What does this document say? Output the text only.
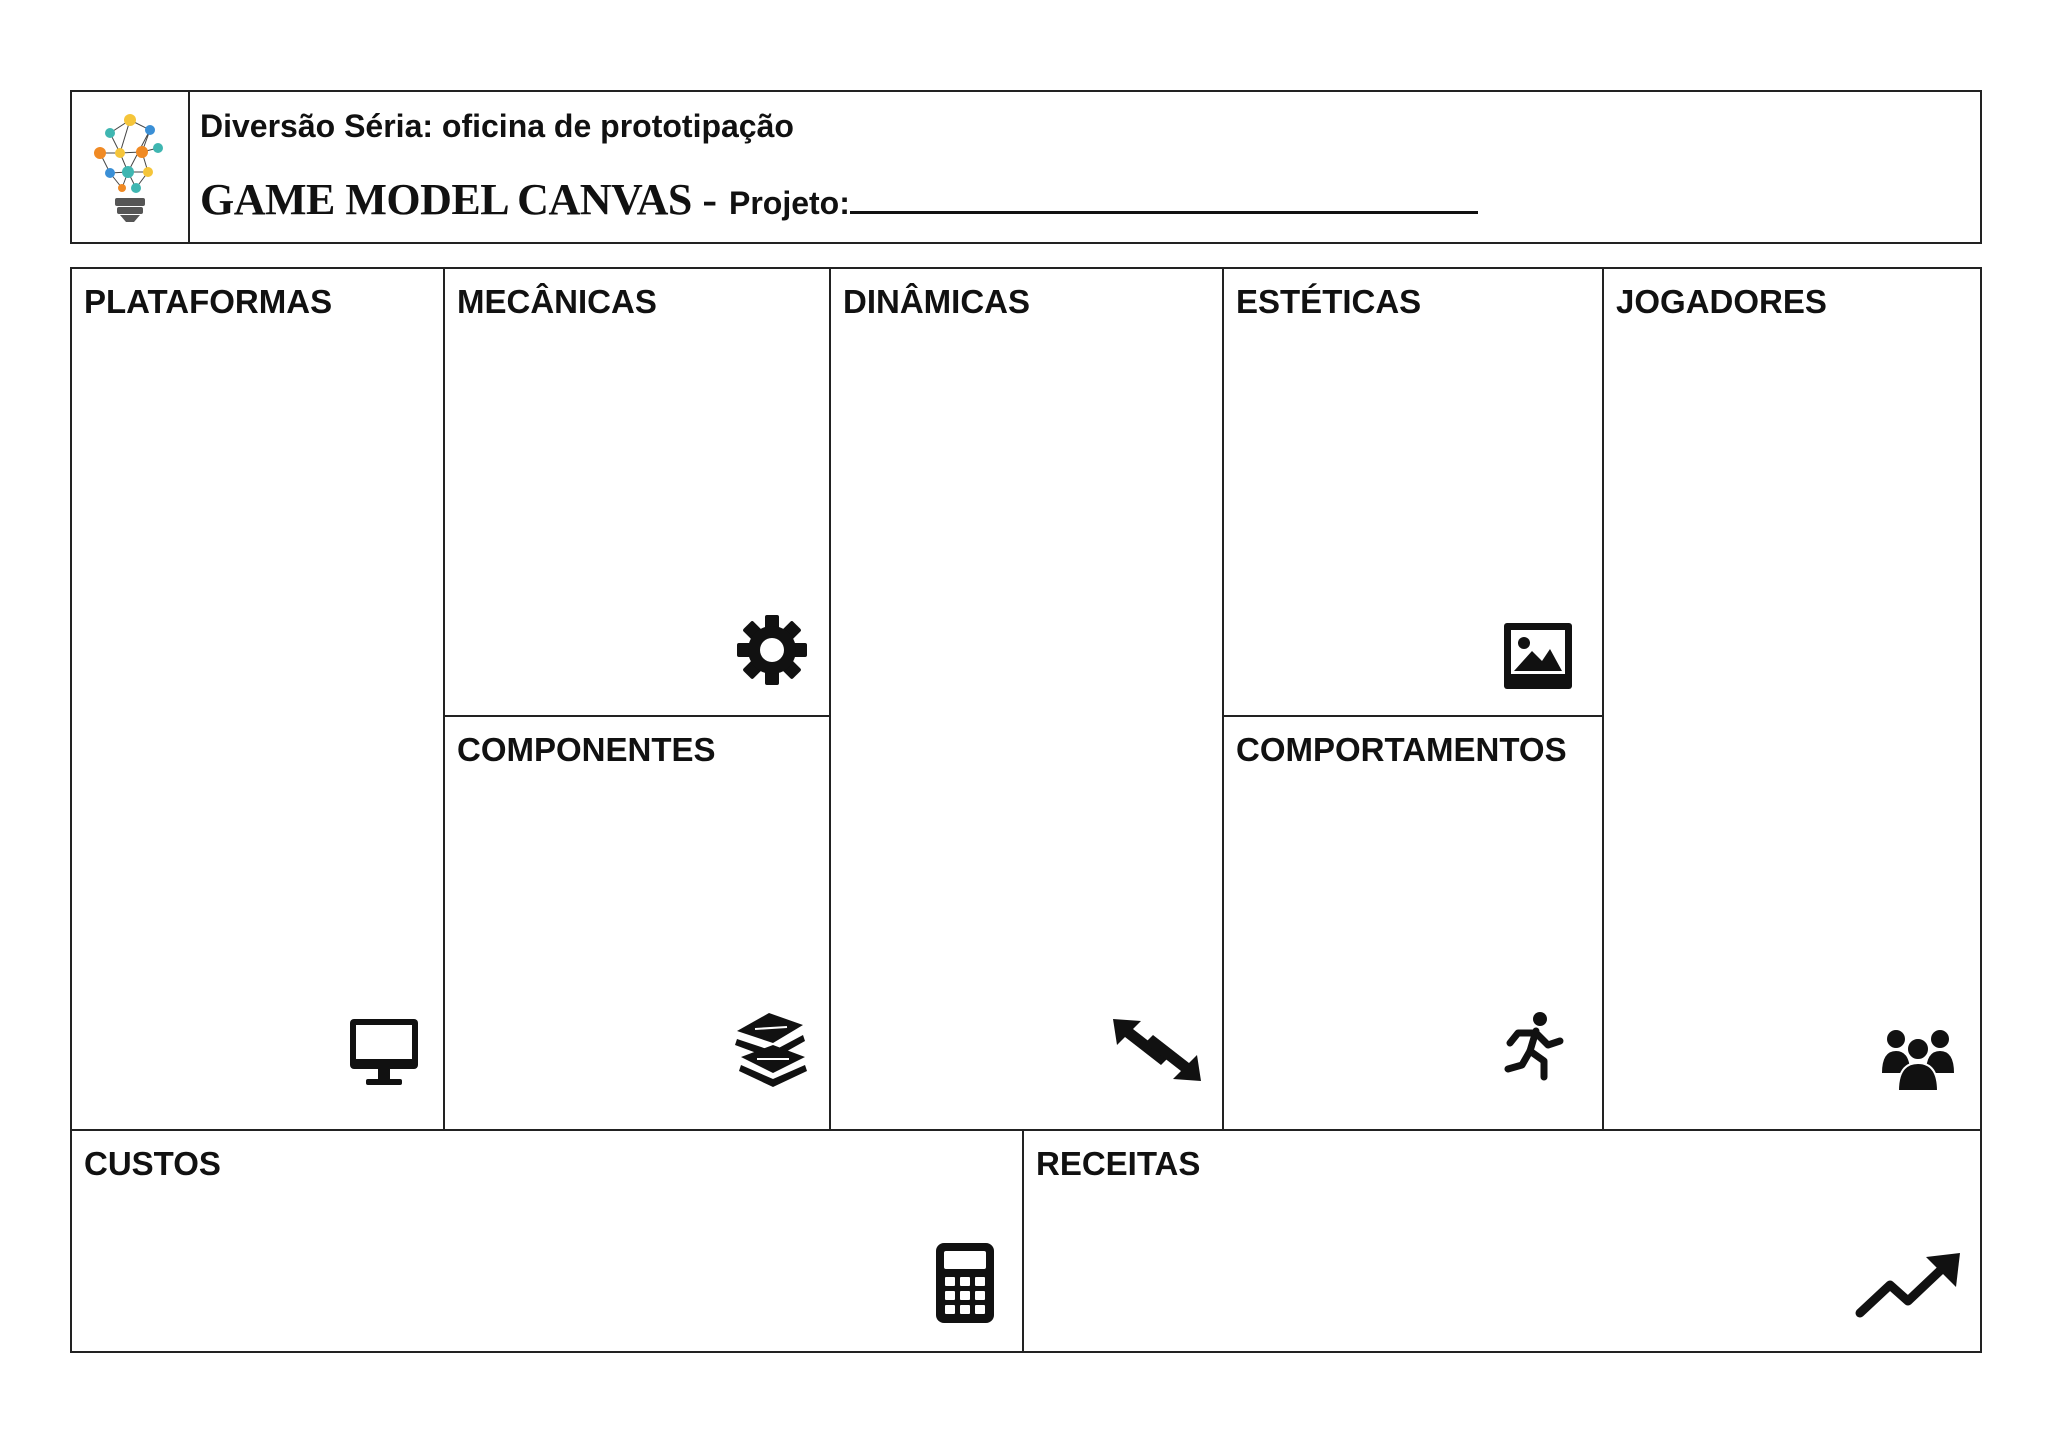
Diversão Séria: oficina de prototipação
GAME MODEL CANVAS - Projeto:
PLATAFORMAS	MECÂNICAS
COMPONENTES
DINÂMICAS	ESTÉTICAS
COMPORTAMENTOS
JOGADORES
CUSTOS	RECEITAS
